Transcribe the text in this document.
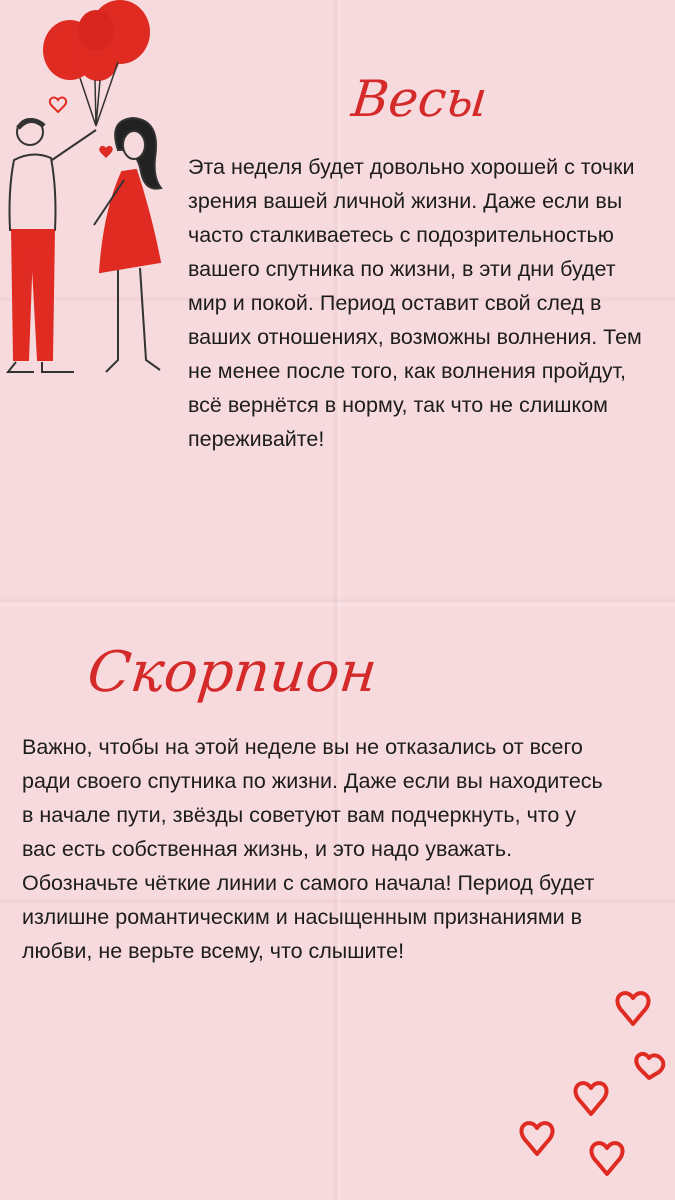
Весы

Эта неделя будет довольно хорошей с точки зрения вашей личной жизни. Даже если вы часто сталкиваетесь с подозрительностью вашего спутника по жизни, в эти дни будет мир и покой. Период оставит свой след в ваших отношениях, возможны волнения. Тем не менее после того, как волнения пройдут, всё вернётся в норму, так что не слишком переживайте!

Скорпион

Важно, чтобы на этой неделе вы не отказались от всего ради своего спутника по жизни. Даже если вы находитесь в начале пути, звёзды советуют вам подчеркнуть, что у вас есть собственная жизнь, и это надо уважать. Обозначьте чёткие линии с самого начала! Период будет излишне романтическим и насыщенным признаниями в любви, не верьте всему, что слышите!
